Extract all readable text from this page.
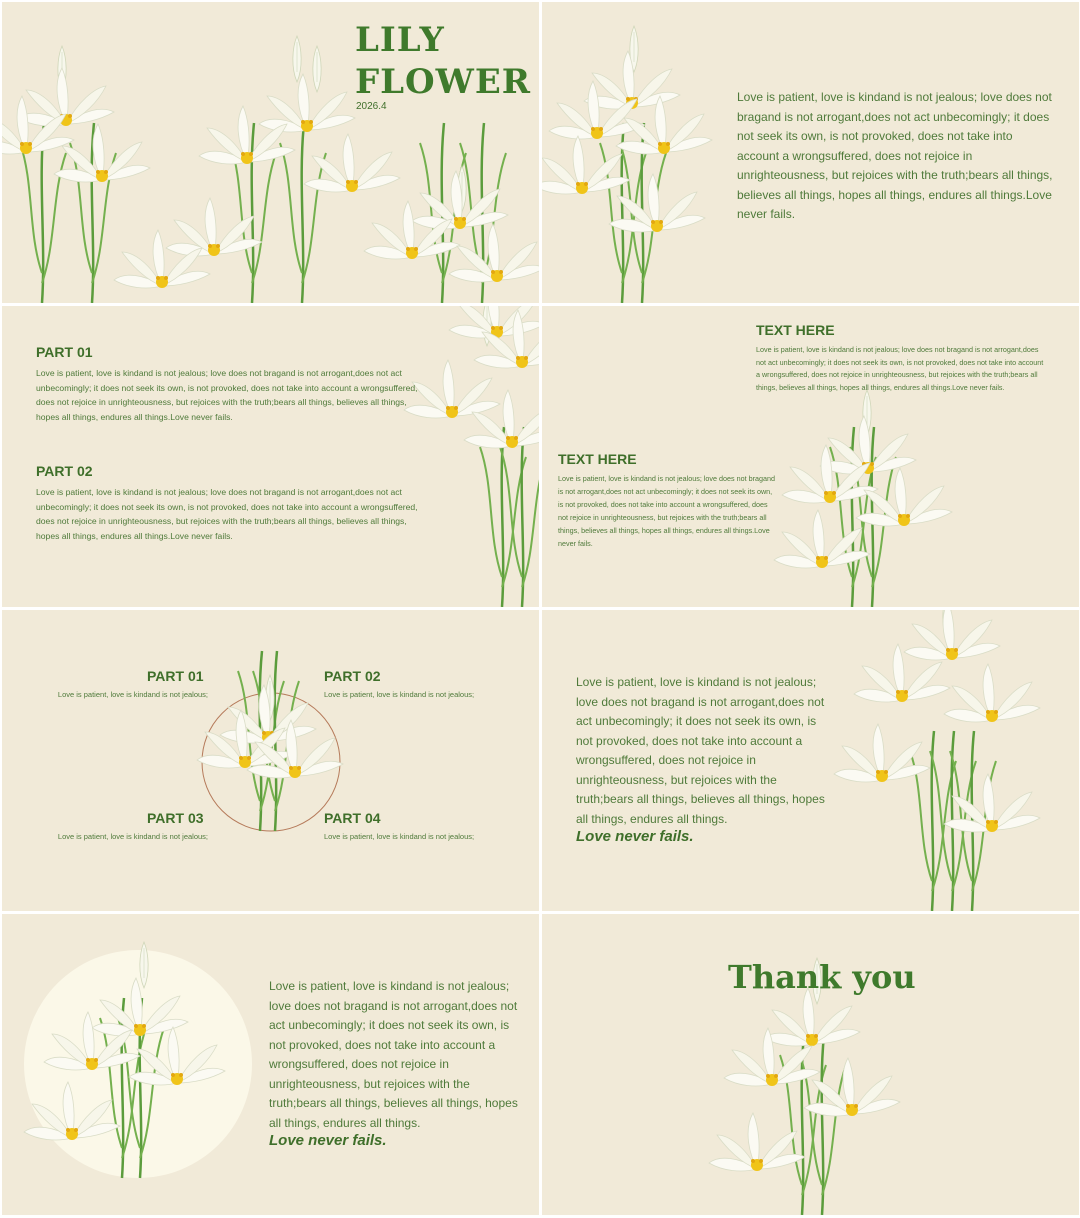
LILY
FLOWER
2026.4
Love is patient, love is kindand is not jealous; love does not bragand is not arrogant,does not act unbecomingly; it does not seek its own, is not provoked, does not take into account a wrongsuffered, does not rejoice in unrighteousness, but rejoices with the truth;bears all things, believes all things, hopes all things, endures all things.Love never fails.
PART 01
Love is patient, love is kindand is not jealous; love does not bragand is not arrogant,does not act unbecomingly; it does not seek its own, is not provoked, does not take into account a wrongsuffered, does not rejoice in unrighteousness, but rejoices with the truth;bears all things, believes all things, hopes all things, endures all things.Love never fails.
PART 02
Love is patient, love is kindand is not jealous; love does not bragand is not arrogant,does not act unbecomingly; it does not seek its own, is not provoked, does not take into account a wrongsuffered, does not rejoice in unrighteousness, but rejoices with the truth;bears all things, believes all things, hopes all things, endures all things.Love never fails.
TEXT HERE
Love is patient, love is kindand is not jealous; love does not bragand is not arrogant,does not act unbecomingly; it does not seek its own, is not provoked, does not take into account a wrongsuffered, does not rejoice in unrighteousness, but rejoices with the truth;bears all things, believes all things, hopes all things, endures all things.Love never fails.
TEXT HERE
Love is patient, love is kindand is not jealous; love does not bragand is not arrogant,does not act unbecomingly; it does not seek its own, is not provoked, does not take into account a wrongsuffered, does not rejoice in unrighteousness, but rejoices with the truth;bears all things, believes all things, hopes all things, endures all things.Love never fails.
PART 01
Love is patient, love is kindand is not jealous;
PART 02
Love is patient, love is kindand is not jealous;
PART 03
Love is patient, love is kindand is not jealous;
PART 04
Love is patient, love is kindand is not jealous;
Love is patient, love is kindand is not jealous; love does not bragand is not arrogant,does not act unbecomingly; it does not seek its own, is not provoked, does not take into account a wrongsuffered, does not rejoice in unrighteousness, but rejoices with the truth;bears all things, believes all things, hopes all things, endures all things.
Love never fails.
Love is patient, love is kindand is not jealous; love does not bragand is not arrogant,does not act unbecomingly; it does not seek its own, is not provoked, does not take into account a wrongsuffered, does not rejoice in unrighteousness, but rejoices with the truth;bears all things, believes all things, hopes all things, endures all things.
Love never fails.
Thank you
